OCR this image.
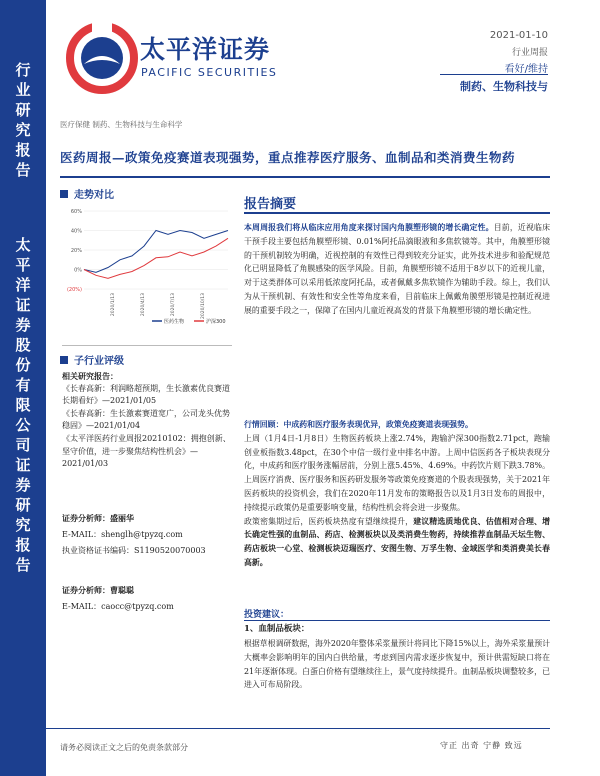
行业研究报告
太平洋证券股份有限公司证券研究报告
太平洋证券
PACIFIC SECURITIES
2021-01-10
行业周报
看好/维持
制药、生物科技与
医疗保健 制药、生物科技与生命科学
医药周报—政策免疫赛道表现强势，重点推荐医疗服务、血制品和类消费生物药
走势对比
60%
40%
20%
0%
(20%)
2020/1/13	2020/4/13	2020/7/13	2020/10/13
医药生物	沪深300
子行业评级
相关研究报告：
《长春高新：利润略超预期，生长激素优良赛道长期看好》—2021/01/05
《长春高新：生长激素赛道宽广，公司龙头优势稳固》—2021/01/04
《太平洋医药行业周报20210102：拥抱创新、坚守价值，进一步聚焦结构性机会》—2021/01/03
证券分析师：盛丽华
E-MAIL：shenglh@tpyzq.com
执业资格证书编码：S1190520070003
证券分析师：曹聪聪
E-MAIL：caocc@tpyzq.com
报告摘要
本周周报我们将从临床应用角度来探讨国内角膜塑形镜的增长确定性。目前，近视临床干预手段主要包括角膜塑形镜、0.01%阿托品滴眼液和多焦软镜等。其中，角膜塑形镜的干预机制较为明确，近视控制的有效性已得到较充分证实，此外技术进步和验配规范化已明显降低了角膜感染的医学风险。目前，角膜塑形镜不适用于8岁以下的近视儿童，对于这类群体可以采用低浓度阿托品，或者佩戴多焦软镜作为辅助手段。综上，我们认为从干预机制、有效性和安全性等角度来看，目前临床上佩戴角膜塑形镜是控制近视进展的重要手段之一，保障了在国内儿童近视高发的背景下角膜塑形镜的增长确定性。
行情回顾：中成药和医疗服务表现优异，政策免疫赛道表现强势。
上周（1月4日-1月8日）生物医药板块上涨2.74%，跑输沪深300指数2.71pct，跑输创业板指数3.48pct，在30个中信一级行业中排名中游。上周中信医药各子板块表现分化，中成药和医疗服务涨幅居前，分别上涨5.45%、4.69%。中药饮片则下跌3.78%。上周医疗消费、医疗服务和医药研发服务等政策免疫赛道的个股表现强势，关于2021年医药板块的投资机会，我们在2020年11月发布的策略报告以及1月3日发布的周报中，持续提示政策仍是重要影响变量，结构性机会将会进一步聚焦。
政策密集期过后，医药板块热度有望继续提升，建议精选质地优良、估值相对合理、增长确定性强的血制品、药店、检测板块以及类消费生物药，持续推荐血制品天坛生物、药店板块一心堂、检测板块迈瑞医疗、安图生物、万孚生物、金域医学和类消费美长春高新。
投资建议：
1、血制品板块：
根据草根调研数据，海外2020年整体采浆量预计将同比下降15%以上，海外采浆量预计大概率会影响明年的国内白供给量，考虑到国内需求逐步恢复中，预计供需短缺口将在21年逐渐体现。白蛋白价格有望继续往上，景气度持续提升。血制品板块调整较多，已进入可布局阶段。
请务必阅读正文之后的免责条款部分	守正 出奇 宁静 致远
